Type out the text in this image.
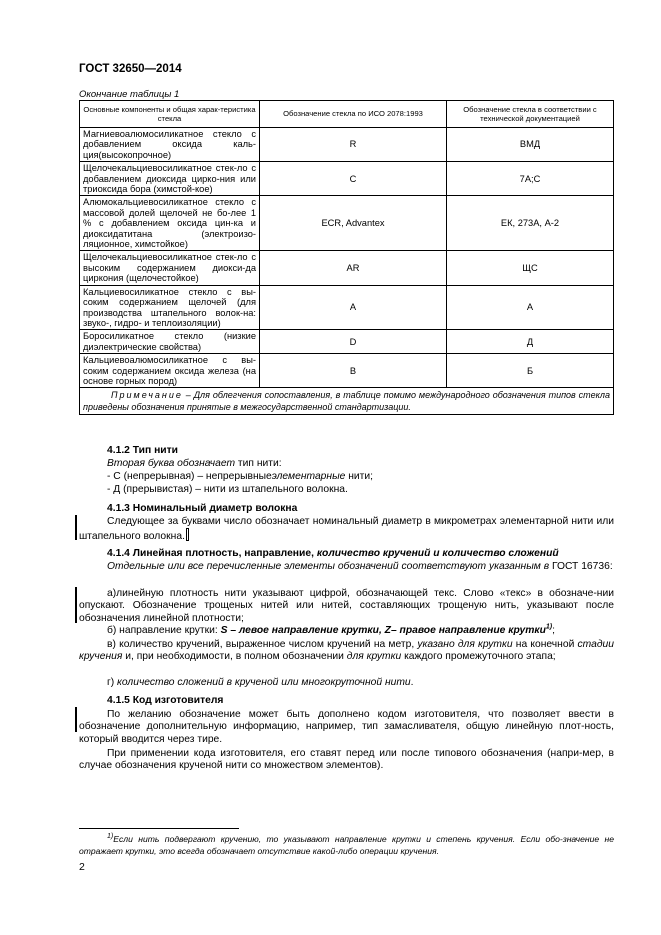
ГОСТ 32650—2014
Окончание таблицы 1
Основные компоненты и общая харак-теристика стекла	Обозначение стекла по ИСО 2078:1993	Обозначение стекла в соответствии с технической документацией
Магниевоалюмосиликатное стекло с добавлением оксида каль-ция(высокопрочное)	R	ВМД
Щелочекальциевосиликатное стек-ло с добавлением диоксида цирко-ния или триоксида бора (химстой-кое)	C	7А;С
Алюмокальциевосиликатное стекло с массовой долей щелочей не бо-лее 1 % с добавлением оксида цин-ка и диоксидатитана (электроизо-ляционное, химстойкое)	ECR, Advantex	ЕК, 273А, А-2
Щелочекальциевосиликатное стек-ло с высоким содержанием диокси-да циркония (щелочестойкое)	AR	ЩС
Кальциевосиликатное стекло с вы-соким содержанием щелочей (для производства штапельного волок-на: звуко-, гидро- и теплоизоляции)	A	А
Боросиликатное стекло (низкие диэлектрические свойства)	D	Д
Кальциевоалюмосиликатное с вы-соким содержанием оксида железа (на основе горных пород)	B	Б
Примечание – Для облегчения сопоставления, в таблице помимо международного обозначения типов стекла приведены обозначения принятые в межгосударственной стандартизации.		
4.1.2 Тип нити
Вторая буква обозначает тип нити:
- С (непрерывная) – непрерывныеэлементарные нити;
- Д (прерывистая) – нити из штапельного волокна.
4.1.3 Номинальный диаметр волокна
Следующее за буквами число обозначает номинальный диаметр в микрометрах элементарной нити или штапельного волокна.
4.1.4 Линейная плотность, направление, количество кручений и количество сложений
Отдельные или все перечисленные элементы обозначений соответствуют указанным в ГОСТ 16736:
а)линейную плотность нити указывают цифрой, обозначающей текс. Слово «текс» в обозначе-нии опускают. Обозначение трощеных нитей или нитей, составляющих трощеную нить, указывают после обозначения линейной плотности;
б) направление крутки: S – левое направление крутки, Z– правое направление крутки$^{1)}$;
в) количество кручений, выраженное числом кручений на метр, указано для крутки на конечной стадии кручения и, при необходимости, в полном обозначении для крутки каждого промежуточного этапа;
г) количество сложений в крученой или многокруточной нити.
4.1.5 Код изготовителя
По желанию обозначение может быть дополнено кодом изготовителя, что позволяет ввести в обозначение дополнительную информацию, например, тип замасливателя, общую линейную плот-ность, который вводится через тире.
При применении кода изготовителя, его ставят перед или после типового обозначения (напри-мер, в случае обозначения крученой нити со множеством элементов).
$^{1)}$Если нить подвергают кручению, то указывают направление крутки и степень кручения. Если обо-значение не отражает крутки, это всегда обозначает отсутствие какой-либо операции кручения.
2
